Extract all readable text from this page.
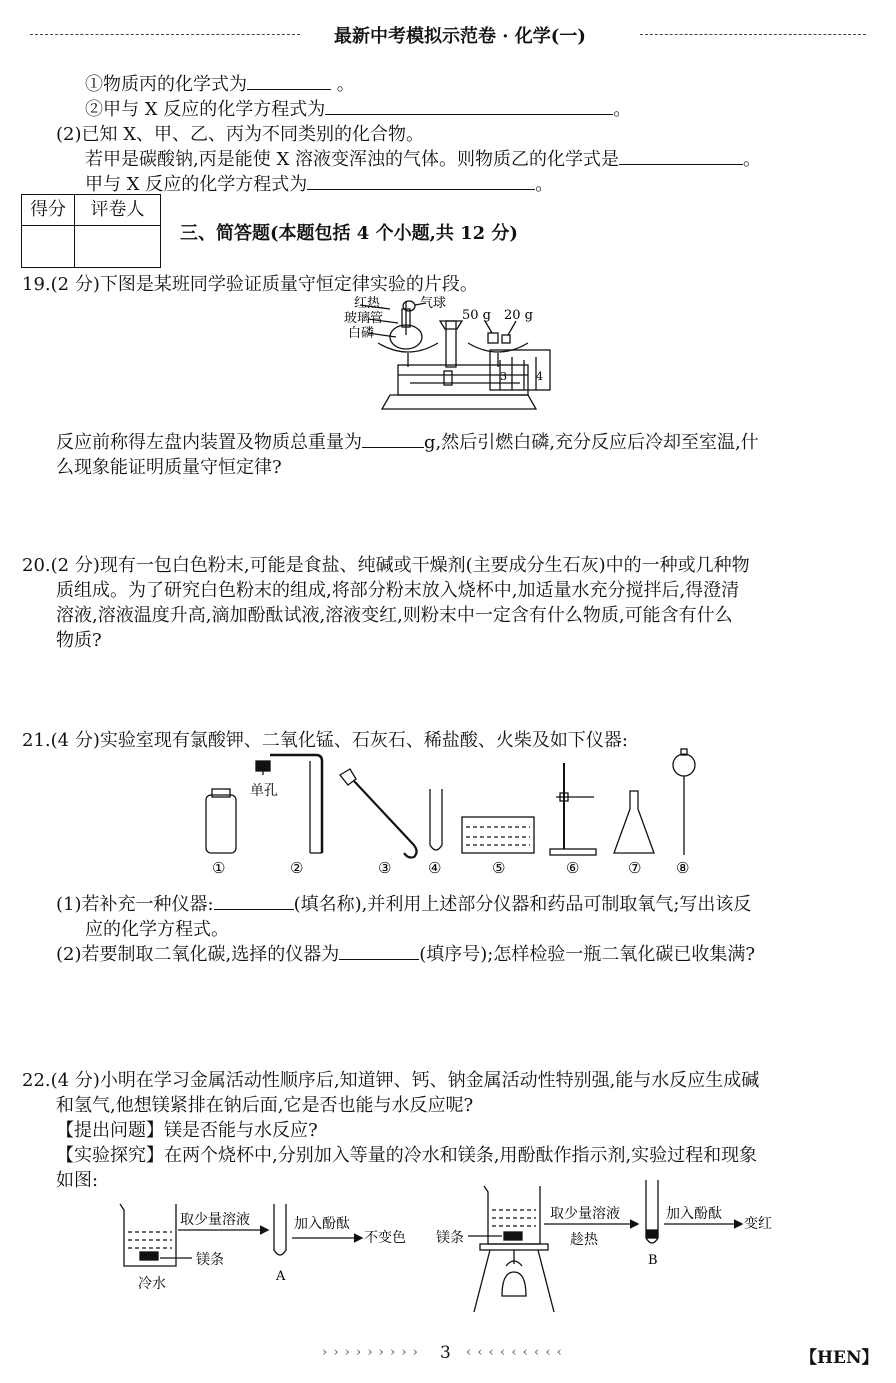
最新中考模拟示范卷 · 化学(一)
①物质丙的化学式为	。
②甲与 X 反应的化学方程式为	。
(2)已知 X、甲、乙、丙为不同类别的化合物。
若甲是碳酸钠,丙是能使 X 溶液变浑浊的气体。则物质乙的化学式是	。
甲与 X 反应的化学方程式为	。
得分	评卷人
三、简答题(本题包括 4 个小题,共 12 分)
19.(2 分)下图是某班同学验证质量守恒定律实验的片段。
红热
玻璃管
白磷
气球
50 g 20 g
3	4
反应前称得左盘内装置及物质总重量为	g,然后引燃白磷,充分反应后冷却至室温,什
么现象能证明质量守恒定律?
20.(2 分)现有一包白色粉末,可能是食盐、纯碱或干燥剂(主要成分生石灰)中的一种或几种物
质组成。为了研究白色粉末的组成,将部分粉末放入烧杯中,加适量水充分搅拌后,得澄清
溶液,溶液温度升高,滴加酚酞试液,溶液变红,则粉末中一定含有什么物质,可能含有什么
物质?
21.(4 分)实验室现有氯酸钾、二氧化锰、石灰石、稀盐酸、火柴及如下仪器:
单孔
①	②	③ ④	⑤	⑥	⑦ ⑧
(1)若补充一种仪器:	(填名称),并利用上述部分仪器和药品可制取氧气;写出该反
应的化学方程式。
(2)若要制取二氧化碳,选择的仪器为	(填序号);怎样检验一瓶二氧化碳已收集满?
22.(4 分)小明在学习金属活动性顺序后,知道钾、钙、钠金属活动性特别强,能与水反应生成碱
和氢气,他想镁紧排在钠后面,它是否也能与水反应呢?
【提出问题】镁是否能与水反应?
【实验探究】在两个烧杯中,分别加入等量的冷水和镁条,用酚酞作指示剂,实验过程和现象
如图:
取少量溶液	加入酚酞
不变色
镁条
冷水	A
镁条
取少量溶液
趁热
加入酚酞
变红
B
› › › › › › › › › 3 ‹ ‹ ‹ ‹ ‹ ‹ ‹ ‹ ‹	【HEN】
